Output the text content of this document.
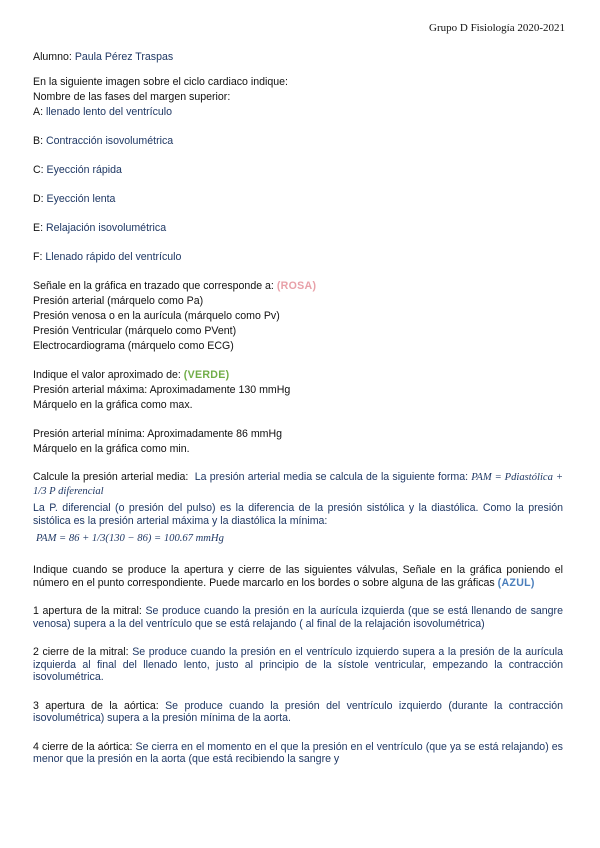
Grupo D Fisiología 2020-2021

Alumno: Paula Pérez Traspas

En la siguiente imagen sobre el ciclo cardiaco indique:

Nombre de las fases del margen superior:

A: llenado lento del ventrículo

B: Contracción isovolumétrica

C: Eyección rápida

D: Eyección lenta

E: Relajación isovolumétrica

F: Llenado rápido del ventrículo

Señale en la gráfica en trazado que corresponde a: (ROSA)

Presión arterial (márquelo como Pa)

Presión venosa o en la aurícula (márquelo como Pv)

Presión Ventricular (márquelo como PVent)

Electrocardiograma (márquelo como ECG)

Indique el valor aproximado de: (VERDE)

Presión arterial máxima: Aproximadamente 130 mmHg

Márquelo en la gráfica como max.

Presión arterial mínima: Aproximadamente 86 mmHg

Márquelo en la gráfica como min.

Calcule la presión arterial media: La presión arterial media se calcula de la siguiente forma: PAM = Pdiastólica + 1/3 P diferencial

La P. diferencial (o presión del pulso) es la diferencia de la presión sistólica y la diastólica. Como la presión sistólica es la presión arterial máxima y la diastólica la mínima:

PAM = 86 + 1/3(130 − 86) = 100.67 mmHg

Indique cuando se produce la apertura y cierre de las siguientes válvulas, Señale en la gráfica poniendo el número en el punto correspondiente. Puede marcarlo en los bordes o sobre alguna de las gráficas (AZUL)

1 apertura de la mitral: Se produce cuando la presión en la aurícula izquierda (que se está llenando de sangre venosa) supera a la del ventrículo que se está relajando ( al final de la relajación isovolumétrica)

2 cierre de la mitral: Se produce cuando la presión en el ventrículo izquierdo supera a la presión de la aurícula izquierda al final del llenado lento, justo al principio de la sístole ventricular, empezando la contracción isovolumétrica.

3 apertura de la aórtica: Se produce cuando la presión del ventrículo izquierdo (durante la contracción isovolumétrica) supera a la presión mínima de la aorta.

4 cierre de la aórtica: Se cierra en el momento en el que la presión en el ventrículo (que ya se está relajando) es menor que la presión en la aorta (que está recibiendo la sangre y
